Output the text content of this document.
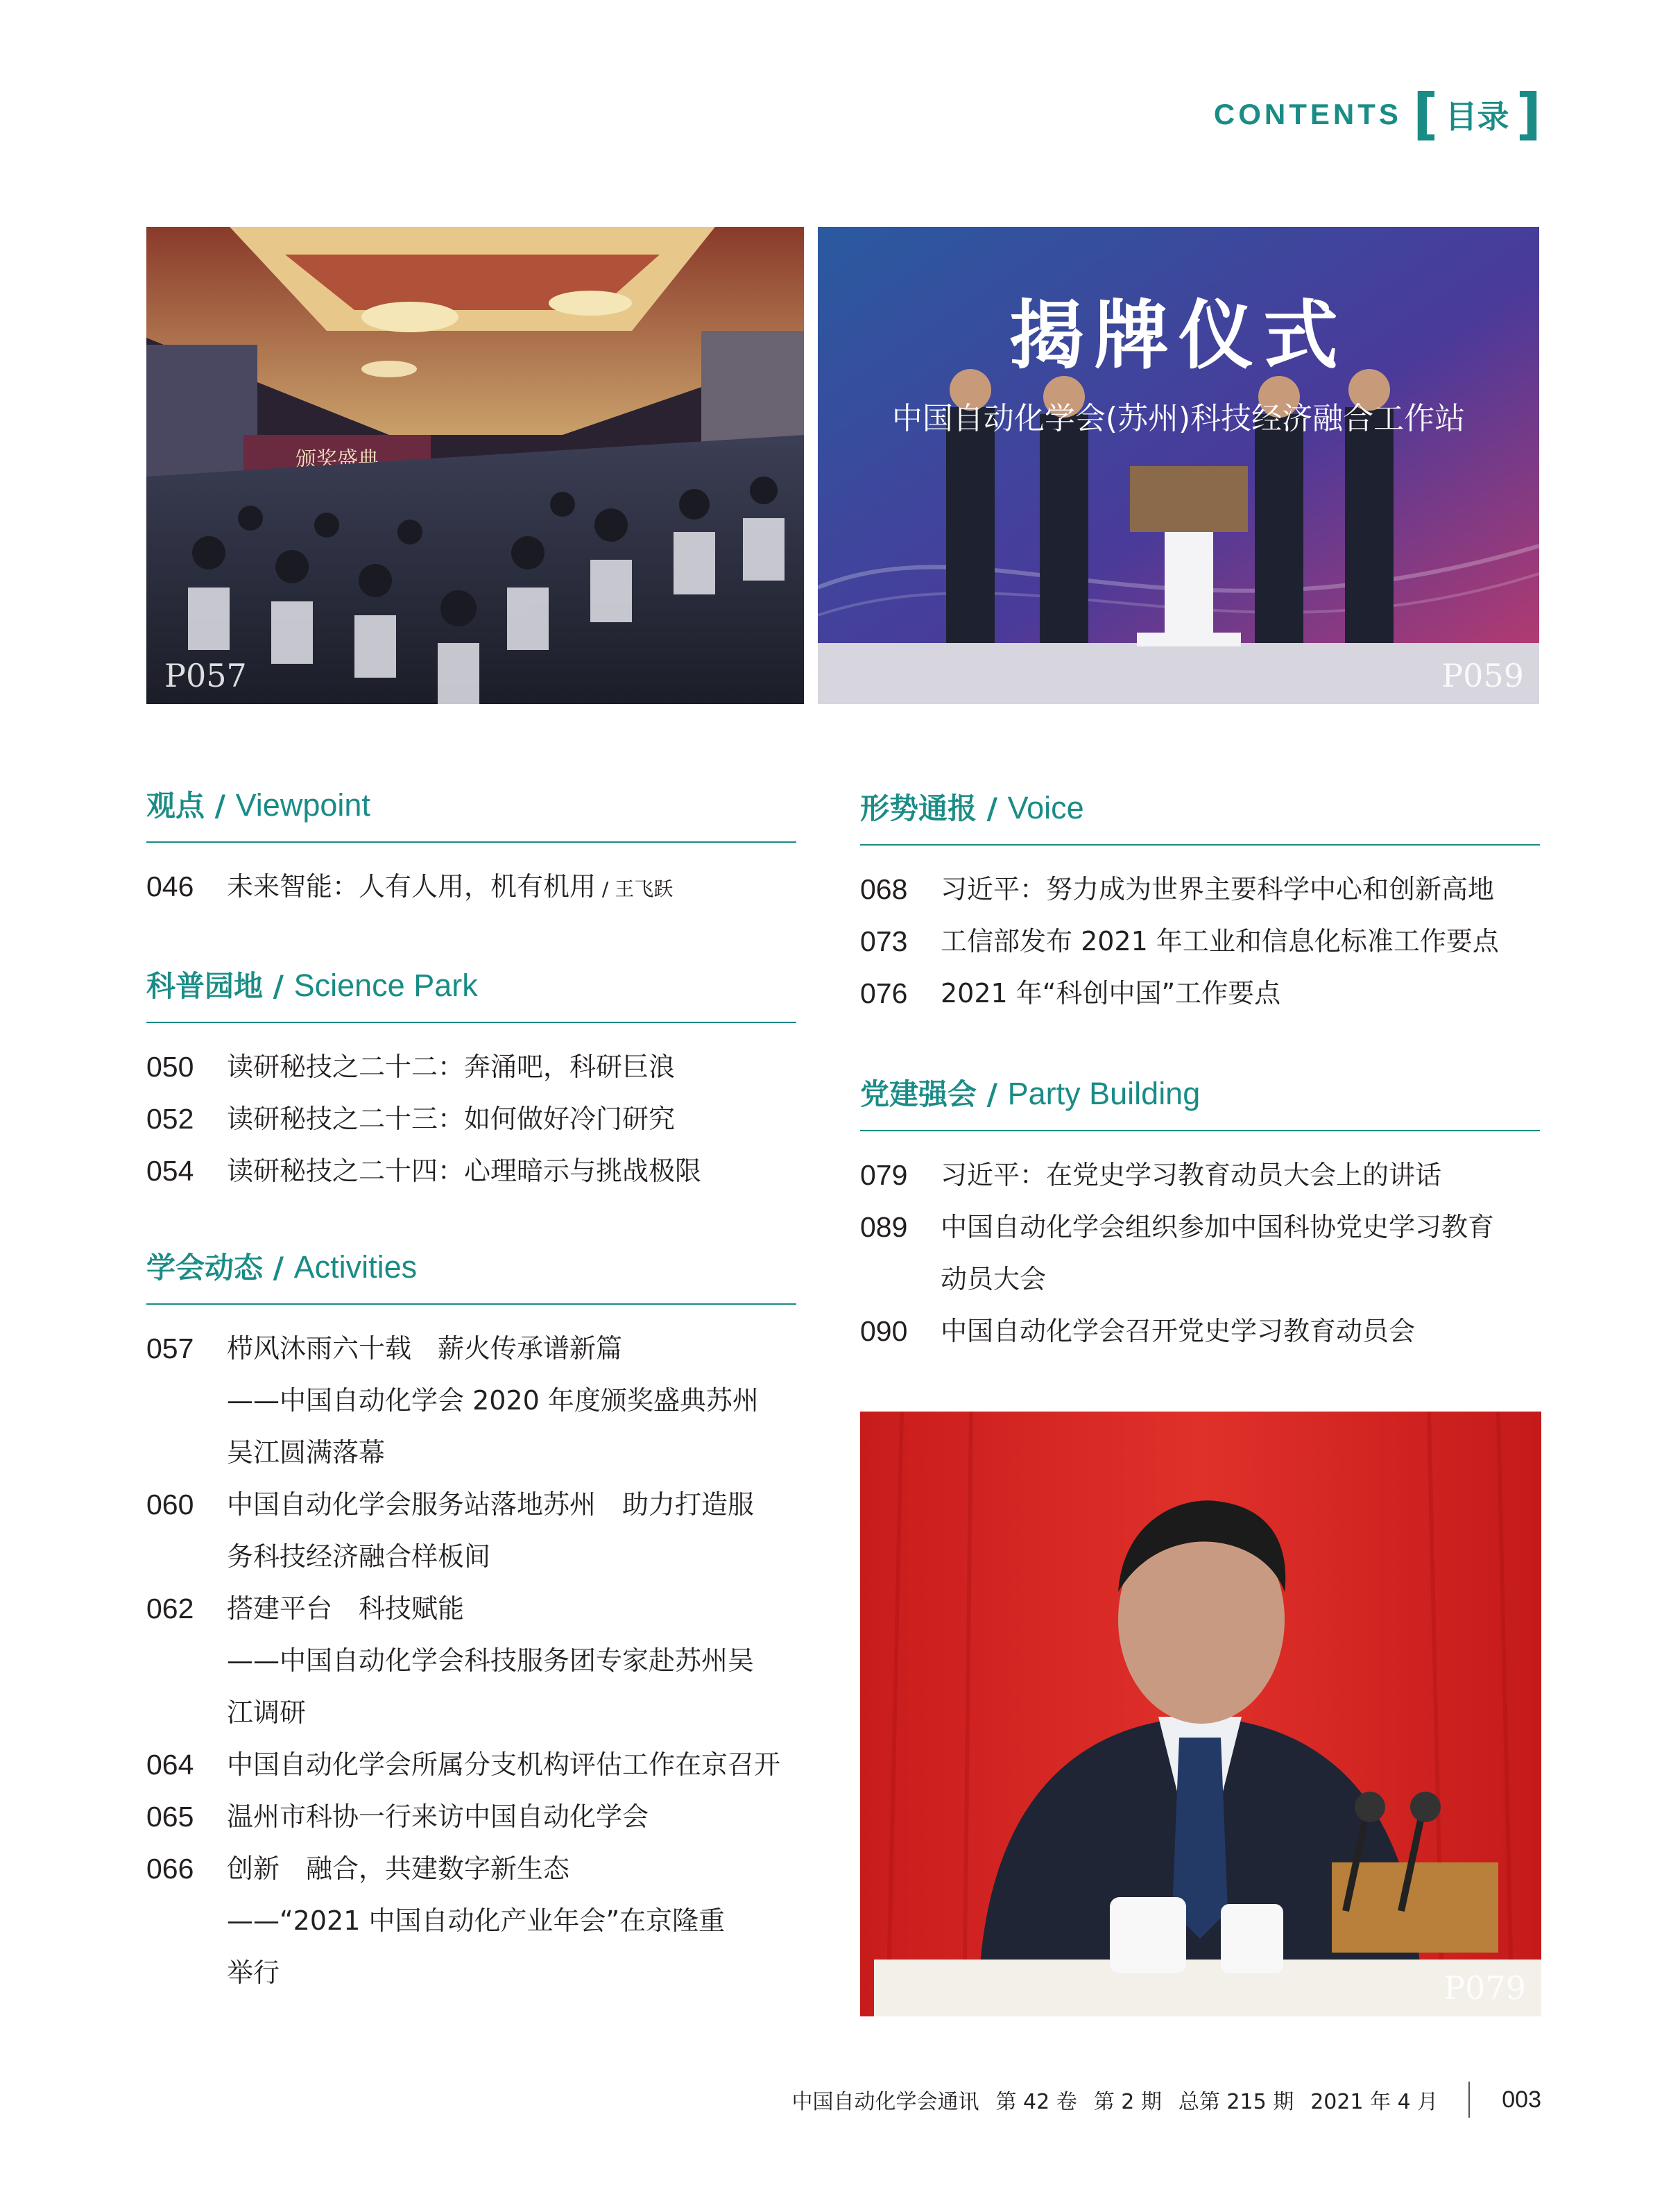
CONTENTS [ 目录 ]
颁奖盛典
P057
揭牌仪式
中国自动化学会(苏州)科技经济融合工作站
P059
观点 / Viewpoint
046	未来智能：人有人用，机有机用 / 王飞跃
科普园地 / Science Park
050	读研秘技之二十二：奔涌吧，科研巨浪
052	读研秘技之二十三：如何做好冷门研究
054	读研秘技之二十四：心理暗示与挑战极限
学会动态 / Activities
057	栉风沐雨六十载　薪火传承谱新篇
——中国自动化学会 2020 年度颁奖盛典苏州
吴江圆满落幕
060	中国自动化学会服务站落地苏州　助力打造服
务科技经济融合样板间
062	搭建平台　科技赋能
——中国自动化学会科技服务团专家赴苏州吴
江调研
064	中国自动化学会所属分支机构评估工作在京召开
065	温州市科协一行来访中国自动化学会
066	创新　融合，共建数字新生态
——“2021 中国自动化产业年会”在京隆重
举行
形势通报 / Voice
068	习近平：努力成为世界主要科学中心和创新高地
073	工信部发布 2021 年工业和信息化标准工作要点
076	2021 年“科创中国”工作要点
党建强会 / Party Building
079	习近平：在党史学习教育动员大会上的讲话
089	中国自动化学会组织参加中国科协党史学习教育
动员大会
090	中国自动化学会召开党史学习教育动员会
P079
中国自动化学会通讯 第 42 卷 第 2 期 总第 215 期 2021 年 4 月	003
